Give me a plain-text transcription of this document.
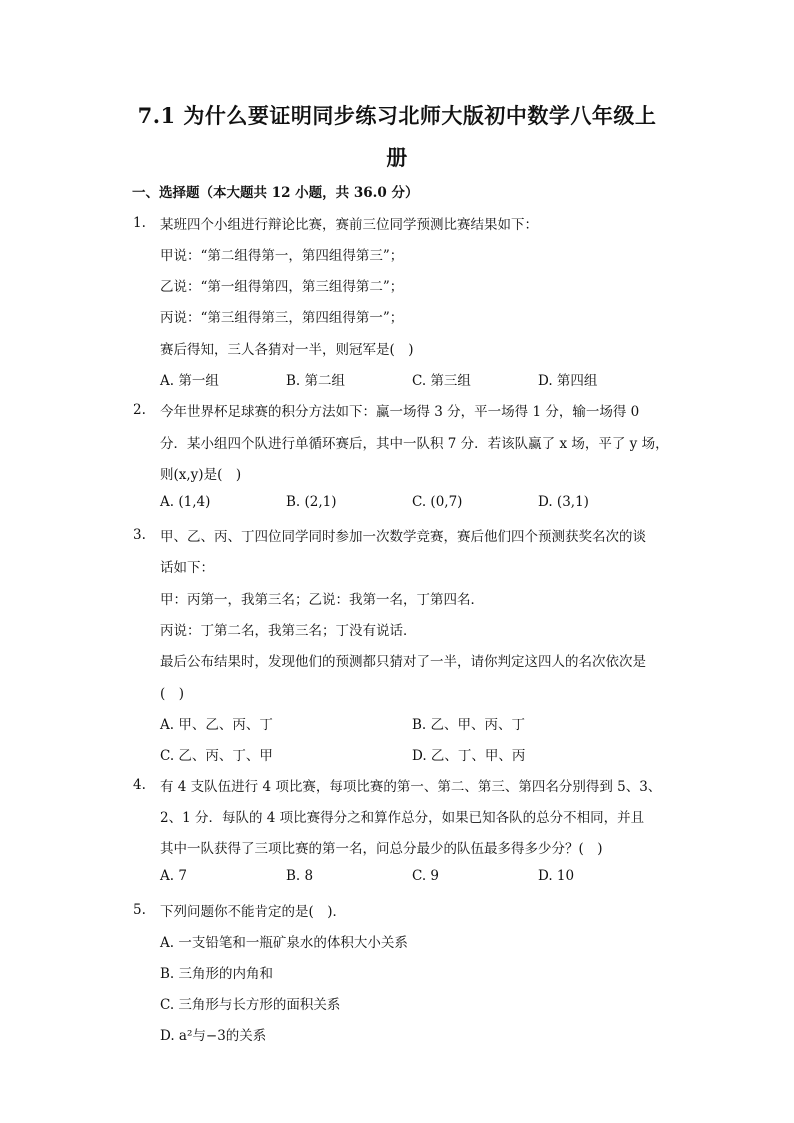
7.1 为什么要证明同步练习北师大版初中数学八年级上
册
一、选择题（本大题共 12 小题，共 36.0 分）
1. 某班四个小组进行辩论比赛，赛前三位同学预测比赛结果如下：
甲说：“第二组得第一，第四组得第三”；
乙说：“第一组得第四，第三组得第二”；
丙说：“第三组得第三，第四组得第一”；
赛后得知，三人各猜对一半，则冠军是(　)
A. 第一组	B. 第二组	C. 第三组	D. 第四组
2. 今年世界杯足球赛的积分方法如下：赢一场得 3 分，平一场得 1 分，输一场得 0
分．某小组四个队进行单循环赛后，其中一队积 7 分．若该队赢了 x 场，平了 y 场，
则(x,y)是(　)
A. (1,4)	B. (2,1)	C. (0,7)	D. (3,1)
3. 甲、乙、丙、丁四位同学同时参加一次数学竞赛，赛后他们四个预测获奖名次的谈
话如下：
甲：丙第一，我第三名；乙说：我第一名，丁第四名．
丙说：丁第二名，我第三名；丁没有说话．
最后公布结果时，发现他们的预测都只猜对了一半，请你判定这四人的名次依次是
(　)
A. 甲、乙、丙、丁	B. 乙、甲、丙、丁
C. 乙、丙、丁、甲	D. 乙、丁、甲、丙
4. 有 4 支队伍进行 4 项比赛，每项比赛的第一、第二、第三、第四名分别得到 5、3、
2、1 分．每队的 4 项比赛得分之和算作总分，如果已知各队的总分不相同，并且
其中一队获得了三项比赛的第一名，问总分最少的队伍最多得多少分？(　)
A. 7	B. 8	C. 9	D. 10
5. 下列问题你不能肯定的是(　)．
A. 一支铅笔和一瓶矿泉水的体积大小关系
B. 三角形的内角和
C. 三角形与长方形的面积关系
D. a²与−3的关系
